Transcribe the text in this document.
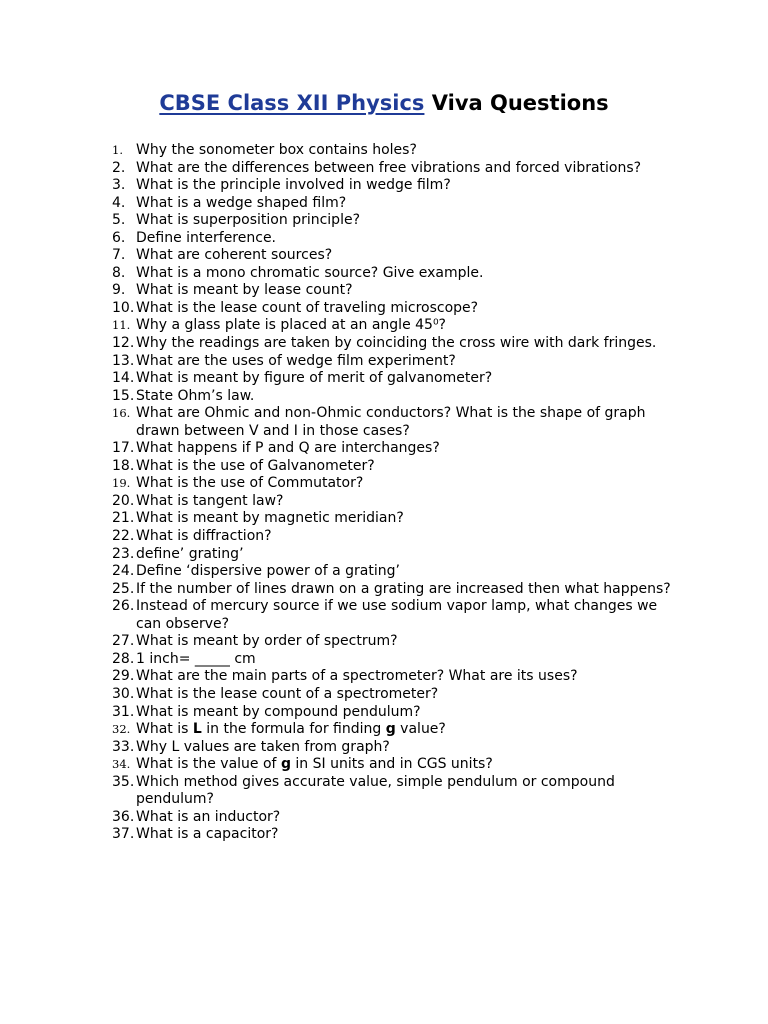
CBSE Class XII Physics Viva Questions
1. Why the sonometer box contains holes?
2. What are the differences between free vibrations and forced vibrations?
3. What is the principle involved in wedge film?
4. What is a wedge shaped film?
5. What is superposition principle?
6. Define interference.
7. What are coherent sources?
8. What is a mono chromatic source? Give example.
9. What is meant by lease count?
10. What is the lease count of traveling microscope?
11. Why a glass plate is placed at an angle 45⁰?
12. Why the readings are taken by coinciding the cross wire with dark fringes.
13. What are the uses of wedge film experiment?
14. What is meant by figure of merit of galvanometer?
15. State Ohm’s law.
16. What are Ohmic and non-Ohmic conductors? What is the shape of graph drawn between V and I in those cases?
17. What happens if P and Q are interchanges?
18. What is the use of Galvanometer?
19. What is the use of Commutator?
20. What is tangent law?
21. What is meant by magnetic meridian?
22. What is diffraction?
23. define’ grating’
24. Define ‘dispersive power of a grating’
25. If the number of lines drawn on a grating are increased then what happens?
26. Instead of mercury source if we use sodium vapor lamp, what changes we can observe?
27. What is meant by order of spectrum?
28. 1 inch= _____ cm
29. What are the main parts of a spectrometer? What are its uses?
30. What is the lease count of a spectrometer?
31. What is meant by compound pendulum?
32. What is L in the formula for finding g value?
33. Why L values are taken from graph?
34. What is the value of g in SI units and in CGS units?
35. Which method gives accurate value, simple pendulum or compound pendulum?
36. What is an inductor?
37. What is a capacitor?
